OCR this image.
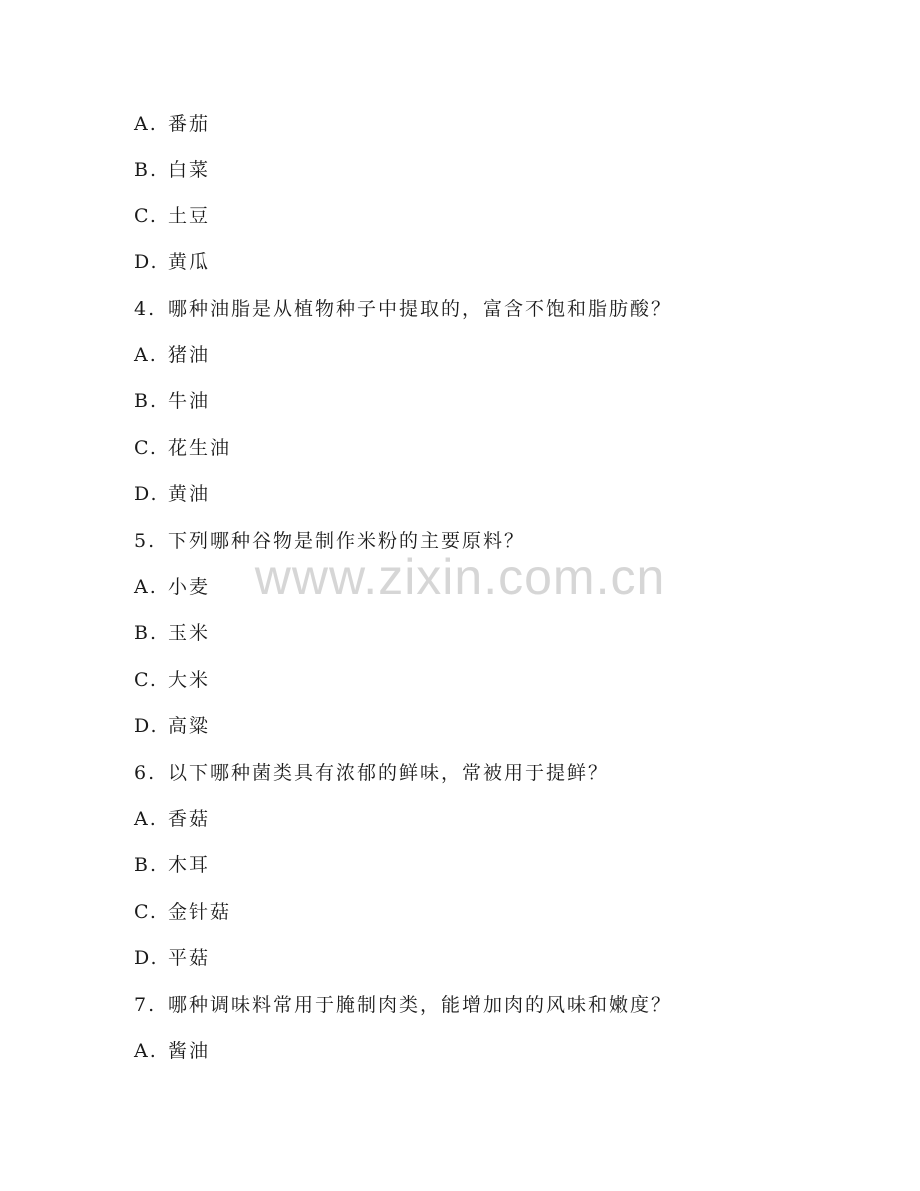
A. 番茄
B. 白菜
C. 土豆
D. 黄瓜
4. 哪种油脂是从植物种子中提取的，富含不饱和脂肪酸？
A. 猪油
B. 牛油
C. 花生油
D. 黄油
5. 下列哪种谷物是制作米粉的主要原料？
A. 小麦
B. 玉米
C. 大米
D. 高粱
6. 以下哪种菌类具有浓郁的鲜味，常被用于提鲜？
A. 香菇
B. 木耳
C. 金针菇
D. 平菇
7. 哪种调味料常用于腌制肉类，能增加肉的风味和嫩度？
A. 酱油
www.zixin.com.cn
